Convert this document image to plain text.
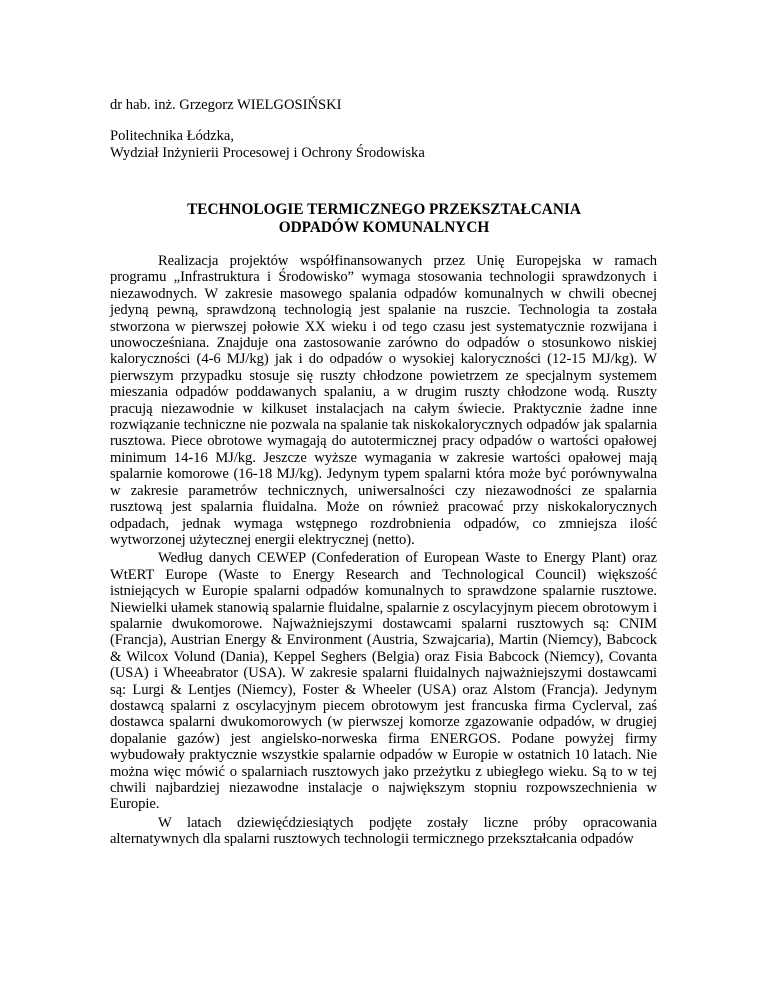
dr hab. inż. Grzegorz WIELGOSIŃSKI
Politechnika Łódzka,
Wydział Inżynierii Procesowej i Ochrony Środowiska
TECHNOLOGIE TERMICZNEGO PRZEKSZTAŁCANIA
ODPADÓW KOMUNALNYCH

Realizacja projektów współfinansowanych przez Unię Europejska w ramach programu „Infrastruktura i Środowisko” wymaga stosowania technologii sprawdzonych i niezawodnych. W zakresie masowego spalania odpadów komunalnych w chwili obecnej jedyną pewną, sprawdzoną technologią jest spalanie na ruszcie. Technologia ta została stworzona w pierwszej połowie XX wieku i od tego czasu jest systematycznie rozwijana i unowocześniana. Znajduje ona zastosowanie zarówno do odpadów o stosunkowo niskiej kaloryczności (4-6 MJ/kg) jak i do odpadów o wysokiej kaloryczności (12-15 MJ/kg). W pierwszym przypadku stosuje się ruszty chłodzone powietrzem ze specjalnym systemem mieszania odpadów poddawanych spalaniu, a w drugim ruszty chłodzone wodą. Ruszty pracują niezawodnie w kilkuset instalacjach na całym świecie. Praktycznie żadne inne rozwiązanie techniczne nie pozwala na spalanie tak niskokalorycznych odpadów jak spalarnia rusztowa. Piece obrotowe wymagają do autotermicznej pracy odpadów o wartości opałowej minimum 14-16 MJ/kg. Jeszcze wyższe wymagania w zakresie wartości opałowej mają spalarnie komorowe (16-18 MJ/kg). Jedynym typem spalarni która może być porównywalna w zakresie parametrów technicznych, uniwersalności czy niezawodności ze spalarnia rusztową jest spalarnia fluidalna. Może on również pracować przy niskokalorycznych odpadach, jednak wymaga wstępnego rozdrobnienia odpadów, co zmniejsza ilość wytworzonej użytecznej energii elektrycznej (netto).

Według danych CEWEP (Confederation of European Waste to Energy Plant) oraz WtERT Europe (Waste to Energy Research and Technological Council) większość istniejących w Europie spalarni odpadów komunalnych to sprawdzone spalarnie rusztowe. Niewielki ułamek stanowią spalarnie fluidalne, spalarnie z oscylacyjnym piecem obrotowym i spalarnie dwukomorowe. Najważniejszymi dostawcami spalarni rusztowych są: CNIM (Francja), Austrian Energy & Environment (Austria, Szwajcaria), Martin (Niemcy), Babcock & Wilcox Volund (Dania), Keppel Seghers (Belgia) oraz Fisia Babcock (Niemcy), Covanta (USA) i Wheeabrator (USA). W zakresie spalarni fluidalnych najważniejszymi dostawcami są: Lurgi & Lentjes (Niemcy), Foster & Wheeler (USA) oraz Alstom (Francja). Jedynym dostawcą spalarni z oscylacyjnym piecem obrotowym jest francuska firma Cyclerval, zaś dostawca spalarni dwukomorowych (w pierwszej komorze zgazowanie odpadów, w drugiej dopalanie gazów) jest angielsko-norweska firma ENERGOS. Podane powyżej firmy wybudowały praktycznie wszystkie spalarnie odpadów w Europie w ostatnich 10 latach. Nie można więc mówić o spalarniach rusztowych jako przeżytku z ubiegłego wieku. Są to w tej chwili najbardziej niezawodne instalacje o największym stopniu rozpowszechnienia w Europie.

W latach dziewięćdziesiątych podjęte zostały liczne próby opracowania alternatywnych dla spalarni rusztowych technologii termicznego przekształcania odpadów
